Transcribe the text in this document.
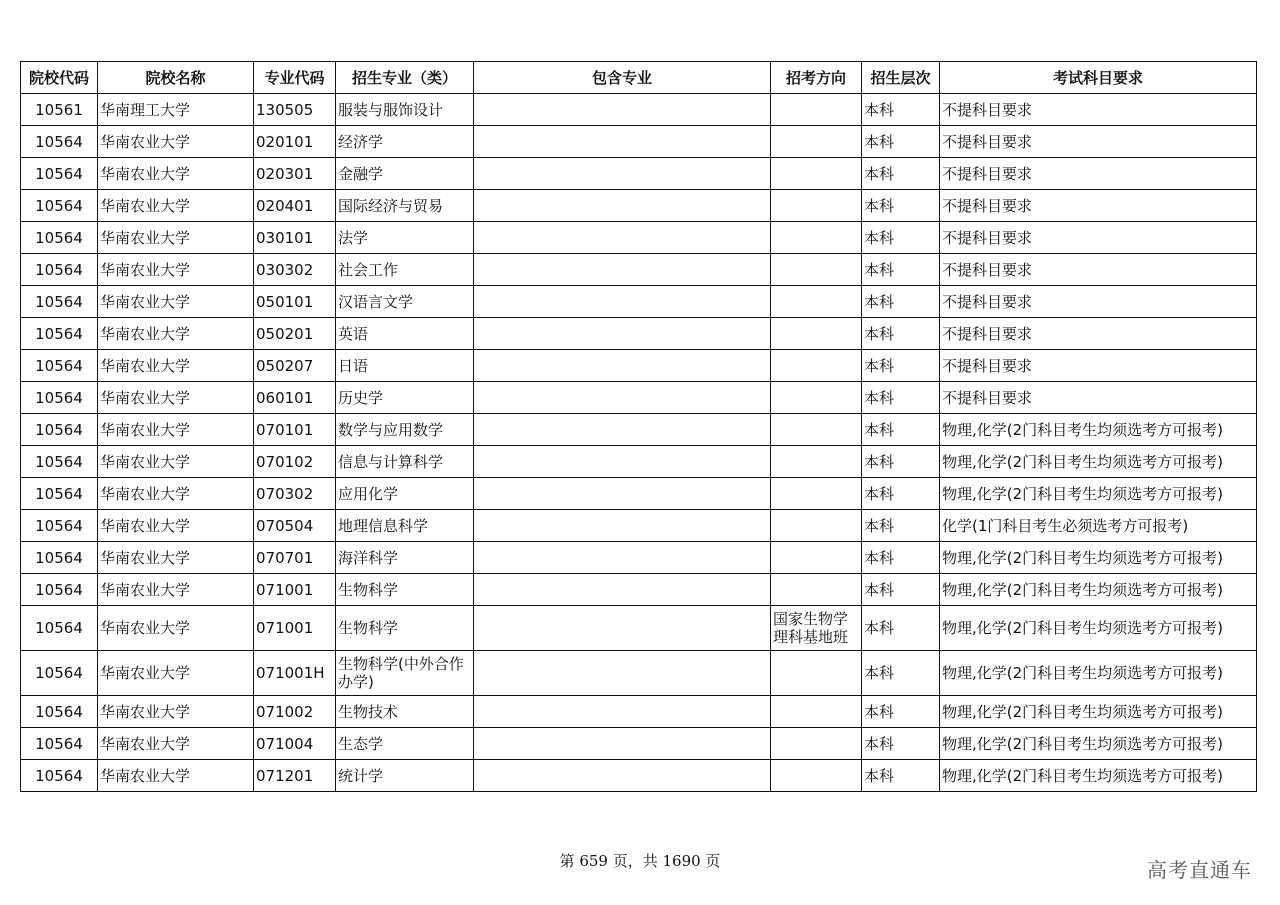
院校代码	院校名称	专业代码	招生专业（类）	包含专业	招考方向	招生层次	考试科目要求
10561	华南理工大学	130505	服装与服饰设计			本科	不提科目要求
10564	华南农业大学	020101	经济学			本科	不提科目要求
10564	华南农业大学	020301	金融学			本科	不提科目要求
10564	华南农业大学	020401	国际经济与贸易			本科	不提科目要求
10564	华南农业大学	030101	法学			本科	不提科目要求
10564	华南农业大学	030302	社会工作			本科	不提科目要求
10564	华南农业大学	050101	汉语言文学			本科	不提科目要求
10564	华南农业大学	050201	英语			本科	不提科目要求
10564	华南农业大学	050207	日语			本科	不提科目要求
10564	华南农业大学	060101	历史学			本科	不提科目要求
10564	华南农业大学	070101	数学与应用数学			本科	物理,化学(2门科目考生均须选考方可报考)
10564	华南农业大学	070102	信息与计算科学			本科	物理,化学(2门科目考生均须选考方可报考)
10564	华南农业大学	070302	应用化学			本科	物理,化学(2门科目考生均须选考方可报考)
10564	华南农业大学	070504	地理信息科学			本科	化学(1门科目考生必须选考方可报考)
10564	华南农业大学	070701	海洋科学			本科	物理,化学(2门科目考生均须选考方可报考)
10564	华南农业大学	071001	生物科学			本科	物理,化学(2门科目考生均须选考方可报考)
10564	华南农业大学	071001	生物科学		国家生物学理科基地班	本科	物理,化学(2门科目考生均须选考方可报考)
10564	华南农业大学	071001H	生物科学(中外合作办学)			本科	物理,化学(2门科目考生均须选考方可报考)
10564	华南农业大学	071002	生物技术			本科	物理,化学(2门科目考生均须选考方可报考)
10564	华南农业大学	071004	生态学			本科	物理,化学(2门科目考生均须选考方可报考)
10564	华南农业大学	071201	统计学			本科	物理,化学(2门科目考生均须选考方可报考)
第 659 页，共 1690 页	高考直通车
